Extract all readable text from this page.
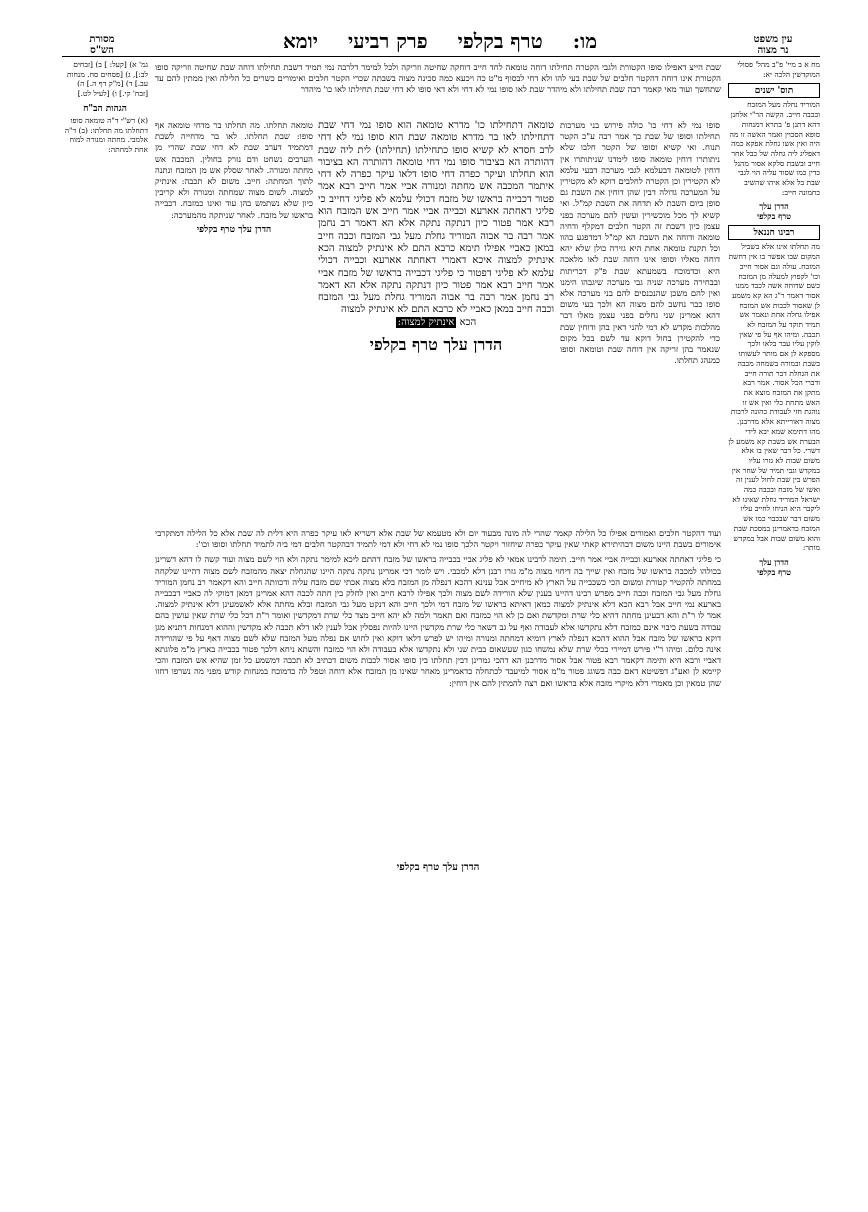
מסורת
הש"ס	מו:
טרף בקלפי
פרק רביעי
יומא	עין משפט
נר מצוה
גמ' א) [קעל: ] ב) [זבחים לב:], ג) [פסחים סח. מנחות עב.] ד) [מ"ק דף ה.] ה) [זבח' קי.] ו) [לעיל לט.]
הגהות הב"ח
(א) רש"י ד"ה טומאה סופו דתחלתו מה תחלתו: (ב) ד"ה אלמבי. מחתה ומנורה למוח אחת למחתה:
מח א ב מיי' פ"ב מהל' פסולי המוקדשין הלכה יא:
תוס' ישנים
המוריד נחלה מעל המזבח ובכבה חייב. הקשה הר"י אלחנן דהא דתנן פ' בתרא דמנחות סופא הסכוין ואמר האשה זו מה היה ואין אשו גחלת אפקא כמה דאפליג ליה גחלה של כבל אחר חייב ובשבת סלקא אסור מהנל כדין כמו שסוד עליה הוי לגבי שבת בל אלא איהו שהשיב כחמונה חייב:
הדרן עלך
טרף בקלפי
רבינו חננאל
מה תחלתו אינו אלא בשביל המקום שבו אפשר בו אין דחשת המזבח. עולה וגם אסור חייב וכו' לקפוץ למעלה מן המזבח כשם שדוחה אשה לכבד ממנו אסור דאמר ר"ג הא קא משמע לן שאסור לכבות אש המזבח אפילו גחלה אחת ונאמר אש תמיד תוקד על המזבח לא תכבה. ומיהו אף על פי שאין לוקין עליו עבר בלאו ולכך מספקא לן אם מותר לעשותו בשבת ובמורה בשמחה מכבה את הגחלת דבר תורה חייב ודברי הכל אסור. אמר רבא מתקן את המזבח מוצא את האש מתחת כלי ואין אש זו נוהגת חזי לעבודת כהונה לרבות מצוה דאורייתא אלא מדרבנן. מהו דתימא שמא יבא לידי הבערת אש בשבת קא משמע לן דשרי. כל דבר שאין בו אלא משום שבות לא גזרו עליו במקדש וגבי תמיד של שחר אין הפרש בין שבת לחול לענין זה ואשו של מזבח ובכבה כמה ישראל המוריד גחלת שאינו לא ליקבר היא הניחו לחייב עליו משום דבר שבכבוי כמו אש המזבח כדאמרינן במסכת שבת והוא משום שבות אבל במקדש מותר:
הדרן עלך
טרף בקלפי
שבת הייצ דאפילו סופו הקטורת ולגבי הקטרה תחילתו דוחה טומאה לחד חייב דוחקה שחיטה וזריקה ולכל למימר דלרבה נמי תמיד דשבת תחילתו דוחה שבת שחיטה וזריקה סופו הקטורת אינו דוחה דהקטר חלבים של שבת בעי להו ולא דחי לבסוף מ"ט כה ויכעא כמה סכינה מצוה בשבתה שכרי הקטר חלבים ואימורים כשרים כל הלילה ואין ממתין להם עד שתחשך ועוד מאי קאמר רבה שבת תחילתו ולא מיהדר שבת לאו סופו נמי לא דחי ולא דאי סופו לא דחי שבת תחילתו לאו כו' מיהדר
סופו נמי לא דחי כו' כולה פירוש בני מערכות תחילתו וסופו של שבת כך אמר רבה ע"כ הקטר תנוח. ואי קשיא וסופו של הקטר חלבו שלא ניתותרו דוחין טומאה סופו לימדנו שניתותרו אין דוחין לטומאה דבעלמא לגבי מערכה דבעי עלמא לא הקטירין וכן הקטרה לחלבים דוקא לא מקטירין על המערכה גדולה דבין שהן דוחין את השבת גם סופן ביום השבת לא תדחה את השבת קמ"ל. ואי קשיא לך מכל מוכשירין ועשין להם מערכה בפני עצמן כיון דשבת זה הקטר חלבים דמקלף ודחיה טומאה ודוחה את השבת הא קמ"ל דמדפגע בהוו וכל תקנת טומאה אחת היא גזירה כולן שלא יהא דוחה מאליו וסופו אינו דוחה שבת לאו מלאכה היא וכדמוכח בשמעתא שבת פ"ק דכריתות ובבחירה מערכה שניה גבי מערכה שיגבהו הימנו ואין להם משכן שהנכנסים להם בני מערכה אלא סופו כבר נחשב להם מצוה הא ולכך בעי משום דהא אמרינן שני גחלים בפני עצמן מאלו דבר מהלכות מקדש לא דמי להני דאין בהן ודוחין שבת כדי להקטירן בחול דוקא עד לשם בכל מקום שנאמר בהן זריקה אין דוחה שבת וטומאה וסופו כמנהג תחלתו.
טומאה דתחילתו כו' מדרא טומאה הוא סופו נמי דחי שבת דתחילתו לאו בר מדרא טומאה שבת הוא סופו נמי לא דחי לרב חסדא לא קשיא סופו כתחילתו (תחילתו) לית ליה שבת דהותרה הא בציבור סופו נמי דחי טומאה דהותרה הא בציבור הוא תחלתו ועיקר כפרה דחי סופו דלאו עיקר כפרה לא דחי איתמר המכבה אש מחתה ומנורה אביי אמר חייב רבא אמר פטור דכבייה בראשו של מזבח דכולי עלמא לא פליגי דחייב כי פליגי דאחתה אארעא וכבייה אביי אמר חייב אש המזבח הוא רבא אמר פטור כיון דנתקה נתקה אלא הא דאמר רב נחמן אמר רבה בר אבוה המוריד גחלת מעל גבי המזבח וכבה חייב במאן כאביי אפילו תימא כרבא התם לא אינתיק למצוה הכא אינתיק למצוה איכא דאמרי דאחתה אארעא וכבייה דכולי עלמא לא פליגי דפטור כי פליגי דכבייה בראשו של מזבח אביי אמר חייב רבא אמר פטור כיון דנתקה נתקה אלא הא דאמר רב נחמן אמר רבה בר אבוה המוריד גחלת מעל גבי המזבח וכבה חייב במאן כאביי לא כרבא התם לא אינתיק למצוה
הכא אינתיק למצוה:
הדרן עלך טרף בקלפי
טומאה תחלתו. מה תחלתו בר מדחי טומאה אף סופו: שבת תחלתו. לאו בר מדחייה לשבת דמתמיד דערב שבת לא דחי שבת שהרי מן הערבים נשחט ודם נזרק בחולין. המכבה אש מחתה ומנורה. לאחר שסלק אש מן המזבח ונתנה לתוך המחתה: חייב. משום לא תכבה: אינתיק למצוה. לשום מצוה שמחתה ומנורה ולא קריבין כיון שלא נשתמש בהן עוד ואינו כמזבח. דכבייה בראשו של מזבח. לאחר שניתקה מהמערכה:
הדרן עלך טרף בקלפי
ועוד דהקטר חלבים ואמורים אפילו כל הלילה קאמר שהרי לה מונה מבעוד יום ולא מטעמא של שבת אלא דשריא לאו עיקר כפרה היא דלית לה שבת אלא כל הלילה דמתקרבי אימורים בשבת היינו משום דבהיתירא קאתי שאין עיקר כפרה שיחזור ויקטר הלכך סופו נמי לא דחי ולא דמי לתמיד דבהקטר חלבים דמי ביה לתמיד תחלתו וסופו וכו':
כי פליגי דאחתה אארעא וכבייה אביי אמר חייב. תימה לרבינו אמאי לא פליג אביי בכבייה בראשו של מזבח דהתם ליכא למימר נתקה ולא הוי לשם מצוה ועוד קשה לו דהא דשרינן בכולהו למכבה בראשו של מזבח ואין שייך בה דיחוי מצוה מ"מ גזרו רבנן דלא למכבי. ויש לומר דכי אמרינן נתקה נתקה היינו שהגחלת יצאה מהמזבח לשם מצוה דהיינו שלקחה במחתה להקטיר קטורת ומשום הכי כשכבייה על הארץ לא מיחייב אבל ענינא דהכא דנפלה מן המזבח בלא מצוה אכתי שם מזבח עליה ודכוותה חייב והא דקאמר רב נחמן המוריד גחלת מעל גבי המזבח וכבה חייב מפרש רבינו דהיינו בענין שלא הורידה לשם מצוה ולכך אפילו לרבא חייב ואין לחלק בין חתה לכבה דהא אמרינן דמאן דמוקי לה כאביי דבכבייה בארעא נמי חייב אבל רבא הכא דלא אינתיק למצוה כמאן דאיתא בראשו של מזבח דמי ולכך חייב והא דנקט מעל גבי המזבח ובלא מחתה אלא לאשמעינן דלא אינתיק למצוה. אמר לו ר"ת והא דבעינן מחתה דהיא כלי שרת ומקדשת ואם כן לא הוי כמזבח ואם תאמר ולמה לא יהא חייב מצד כלי שרת דמקדשין ואומר ר"ת דכל כלי שרת שאין עושין בהם עבודה בשעת כיבוי אינם כמזבח דלא נתקדשו אלא לעבודה ואף על גב דשאר כלי שרת מקדשין היינו להיות נפסלין אבל לענין לאו דלא תכבה לא מקדשין וההוא דמנחות דתניא מגן דוקא בראשו של מזבח אבל ההוא דהכא דנפלה לארץ דומיא דמחתה ומנורה ומיהו יש לפרש דלאו דוקא ואין לחוש אם נפלה מעל המזבח שלא לשם מצוה דאף על פי שהורידה אינה כלום. ומיהו ר"י פירש דמיירי בכלי שרת שלא נמשחו כגון שעשאום בבית שני ולא נתקדשו אלא בעבודה ולא הוי כמזבח והשתא ניחא דלכך פטור בכבייה בארץ מ"מ פלוגתא דאביי ורבא היא ותימה דקאמר רבא פטור אבל אסור מדרבנן הא דהכי גמרינן דבין תחלתו בין סופו אסור לכבות משום דכתיב לא תכבה דמשמע כל זמן שהיא אש המזבח והכי קיימא לן ואע"ג דפשיטא דאם כבה בשוגג פטור מ"מ אסור למיעבד לכתחלה כדאמרינן מאחר שאינו מן המזבח אלא דוחה וטפל לה כדמוכח במנחות קודש מפני מה נשרפו דחזו שהן טמאין וכן מאמרי דלא מיקרי מזבח אלא בראשו ואם רצה להמתין להם אין דוחין:
הדרן עלך טרף בקלפי
